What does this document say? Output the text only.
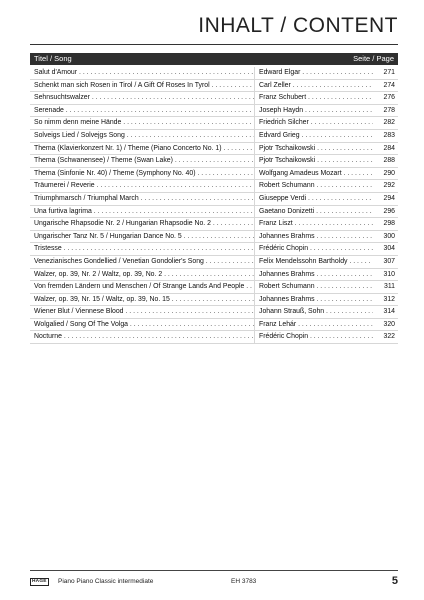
INHALT / CONTENT
Titel / Song	Seite / Page
Salut d'Amour . . .	Edward Elgar . . .	271
Schenkt man sich Rosen in Tirol / A Gift Of Roses In Tyrol . . .	Carl Zeller . . .	274
Sehnsuchtswalzer . . .	Franz Schubert . . .	276
Serenade . . .	Joseph Haydn . . .	278
So nimm denn meine Hände . . .	Friedrich Silcher . . .	282
Solveigs Lied / Solvejgs Song . . .	Edvard Grieg . . .	283
Thema (Klavierkonzert Nr. 1) / Theme (Piano Concerto No. 1) . . .	Pjotr Tschaikowski . . .	284
Thema (Schwanensee) / Theme (Swan Lake) . . .	Pjotr Tschaikowski . . .	288
Thema (Sinfonie Nr. 40) / Theme (Symphony No. 40) . . .	Wolfgang Amadeus Mozart . . .	290
Träumerei / Reverie . . .	Robert Schumann . . .	292
Triumphmarsch / Triumphal March . . .	Giuseppe Verdi . . .	294
Una furtiva lagrima . . .	Gaetano Donizetti . . .	296
Ungarische Rhapsodie Nr. 2 / Hungarian Rhapsodie No. 2 . . .	Franz Liszt . . .	298
Ungarischer Tanz Nr. 5 / Hungarian Dance No. 5 . . .	Johannes Brahms . . .	300
Tristesse . . .	Frédéric Chopin . . .	304
Venezianisches Gondellied / Venetian Gondolier's Song . . .	Felix Mendelssohn Bartholdy . . .	307
Walzer, op. 39, Nr. 2 / Waltz, op. 39, No. 2 . . .	Johannes Brahms . . .	310
Von fremden Ländern und Menschen / Of Strange Lands And People . . .	Robert Schumann . . .	311
Walzer, op. 39, Nr. 15 / Waltz, op. 39, No. 15 . . .	Johannes Brahms . . .	312
Wiener Blut / Viennese Blood . . .	Johann Strauß, Sohn . . .	314
Wolgalied / Song Of The Volga . . .	Franz Lehár . . .	320
Nocturne . . .	Frédéric Chopin . . .	322
HAGE	Piano Piano Classic intermediate	EH 3783	5
